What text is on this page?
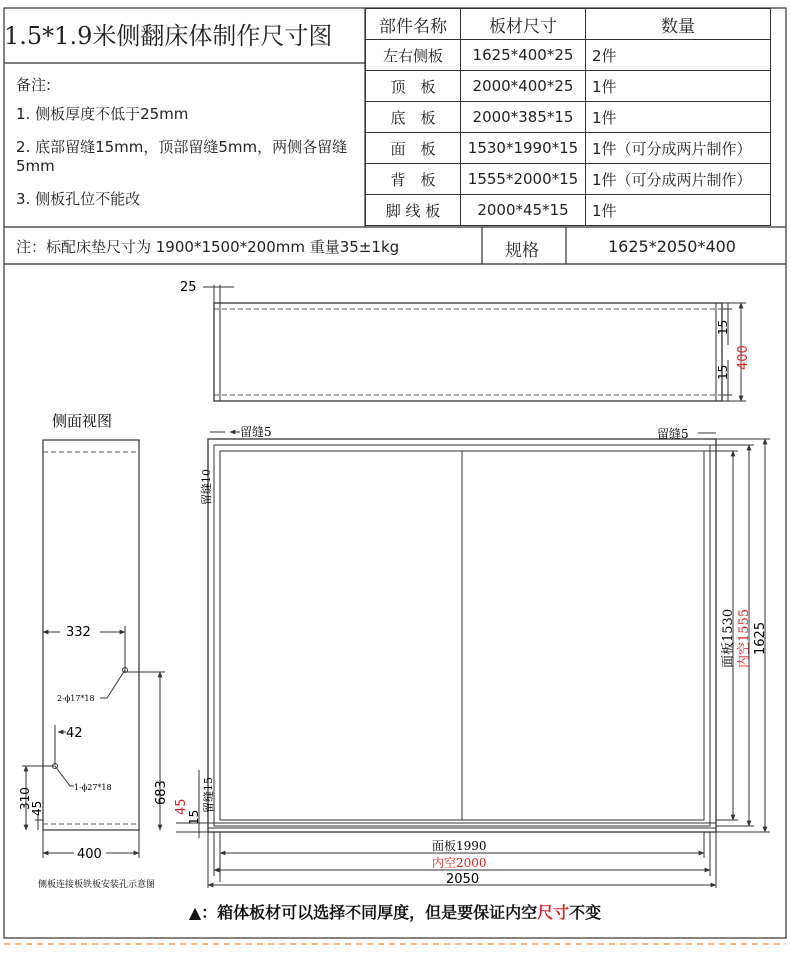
1.5*1.9米侧翻床体制作尺寸图
备注:
1. 侧板厚度不低于25mm
2. 底部留缝15mm，顶部留缝5mm，两侧各留缝5mm
3. 侧板孔位不能改
部件名称	板材尺寸	数量
左右侧板	1625*400*25	2件
顶　板	2000*400*25	1件
底　板	2000*385*15	1件
面　板	1530*1990*15	1件（可分成两片制作）
背　板	1555*2000*15	1件（可分成两片制作）
脚 线 板	2000*45*15	1件
注：标配床垫尺寸为 1900*1500*200mm 重量35±1kg	规格	1625*2050*400
25
15
15
400
侧面视图
332
2-ϕ17*18
683
42
1-ϕ27*18
310
45
400
侧板连接板铁板安装孔示意图
留缝5	留缝5
留缝10
留缝15
15
45
面板1990
内空2000
2050
面板1530 内空1555 1625
▲：箱体板材可以选择不同厚度，但是要保证内空尺寸不变
